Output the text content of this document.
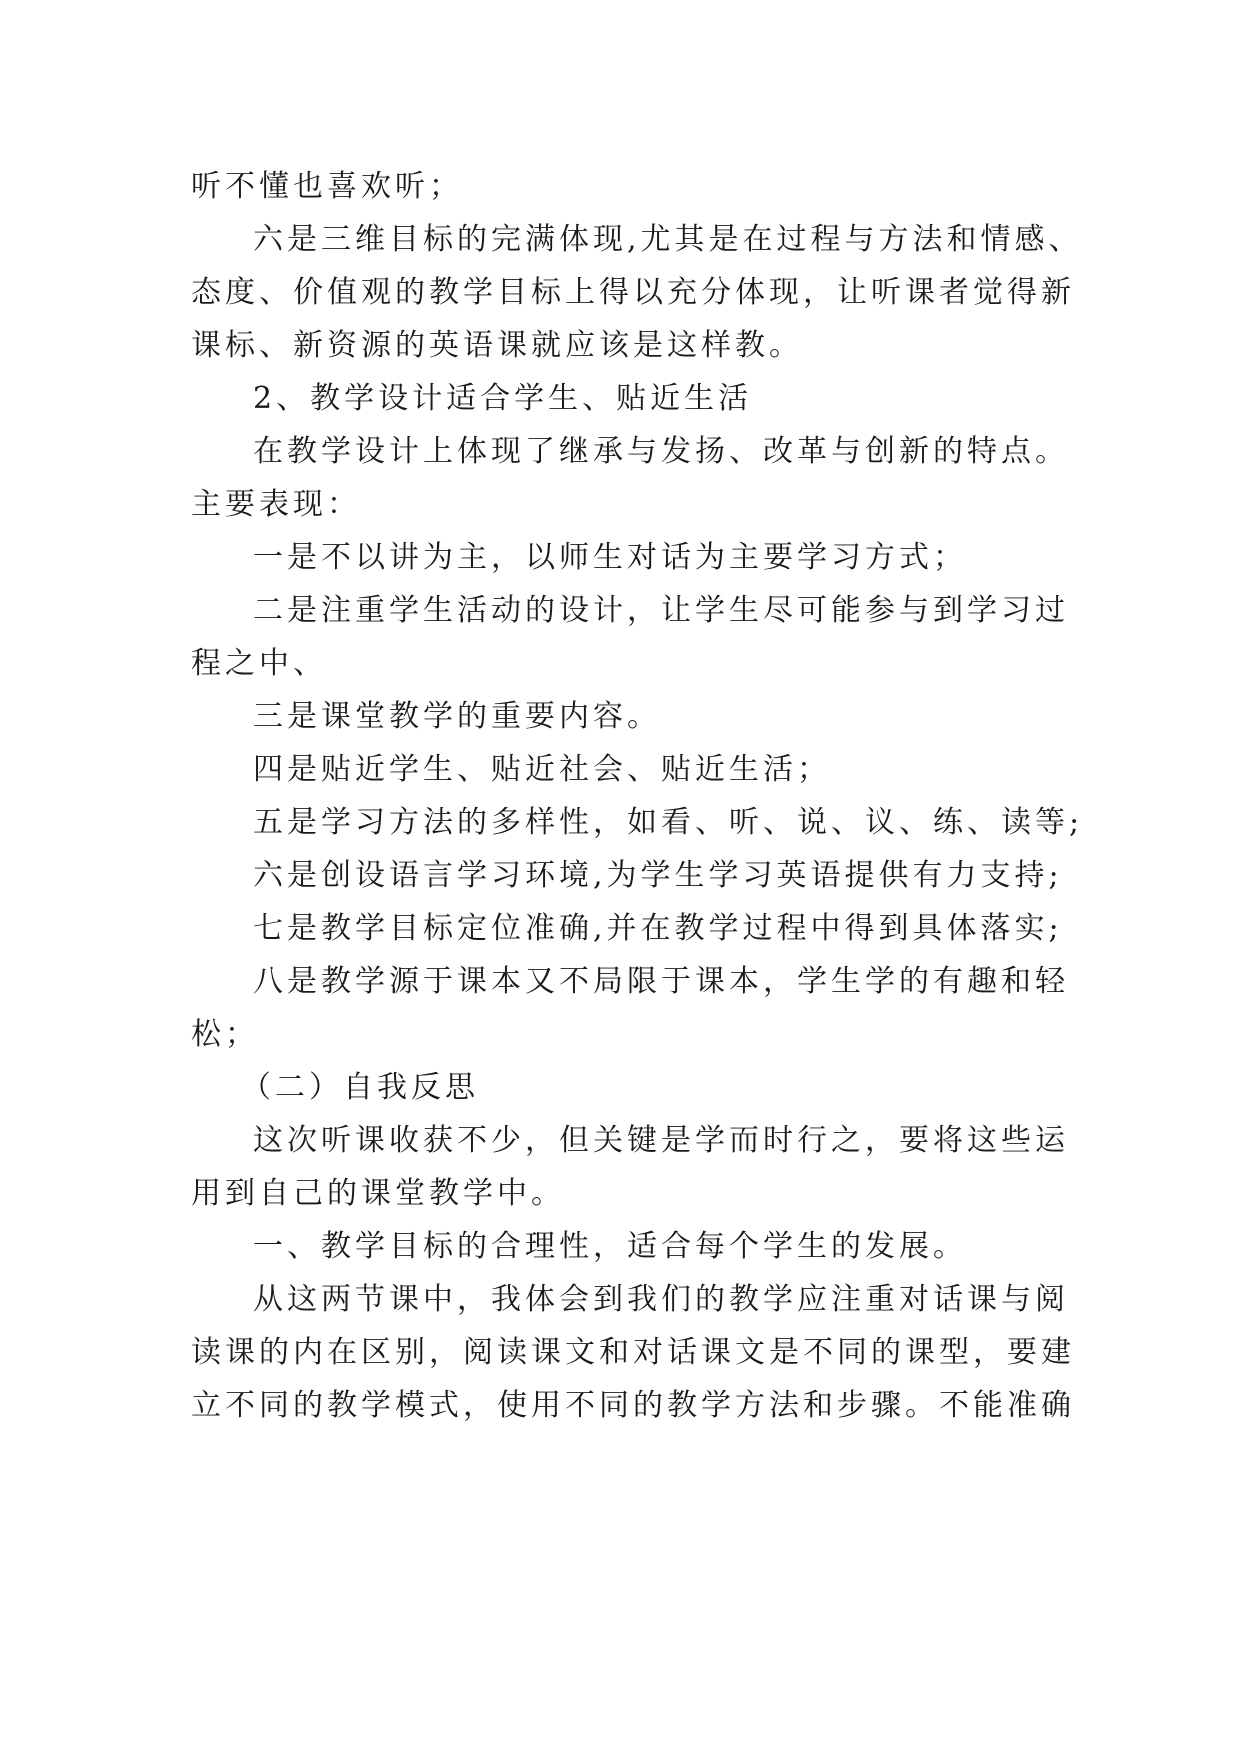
听不懂也喜欢听；
六是三维目标的完满体现,尤其是在过程与方法和情感、
态度、价值观的教学目标上得以充分体现，让听课者觉得新
课标、新资源的英语课就应该是这样教。
2、教学设计适合学生、贴近生活
在教学设计上体现了继承与发扬、改革与创新的特点。
主要表现：
一是不以讲为主，以师生对话为主要学习方式；
二是注重学生活动的设计，让学生尽可能参与到学习过
程之中、
三是课堂教学的重要内容。
四是贴近学生、贴近社会、贴近生活；
五是学习方法的多样性，如看、听、说、议、练、读等;
六是创设语言学习环境,为学生学习英语提供有力支持;
七是教学目标定位准确,并在教学过程中得到具体落实;
八是教学源于课本又不局限于课本，学生学的有趣和轻
松；
（二）自我反思
这次听课收获不少，但关键是学而时行之，要将这些运
用到自己的课堂教学中。
一、教学目标的合理性，适合每个学生的发展。
从这两节课中，我体会到我们的教学应注重对话课与阅
读课的内在区别，阅读课文和对话课文是不同的课型，要建
立不同的教学模式，使用不同的教学方法和步骤。不能准确
